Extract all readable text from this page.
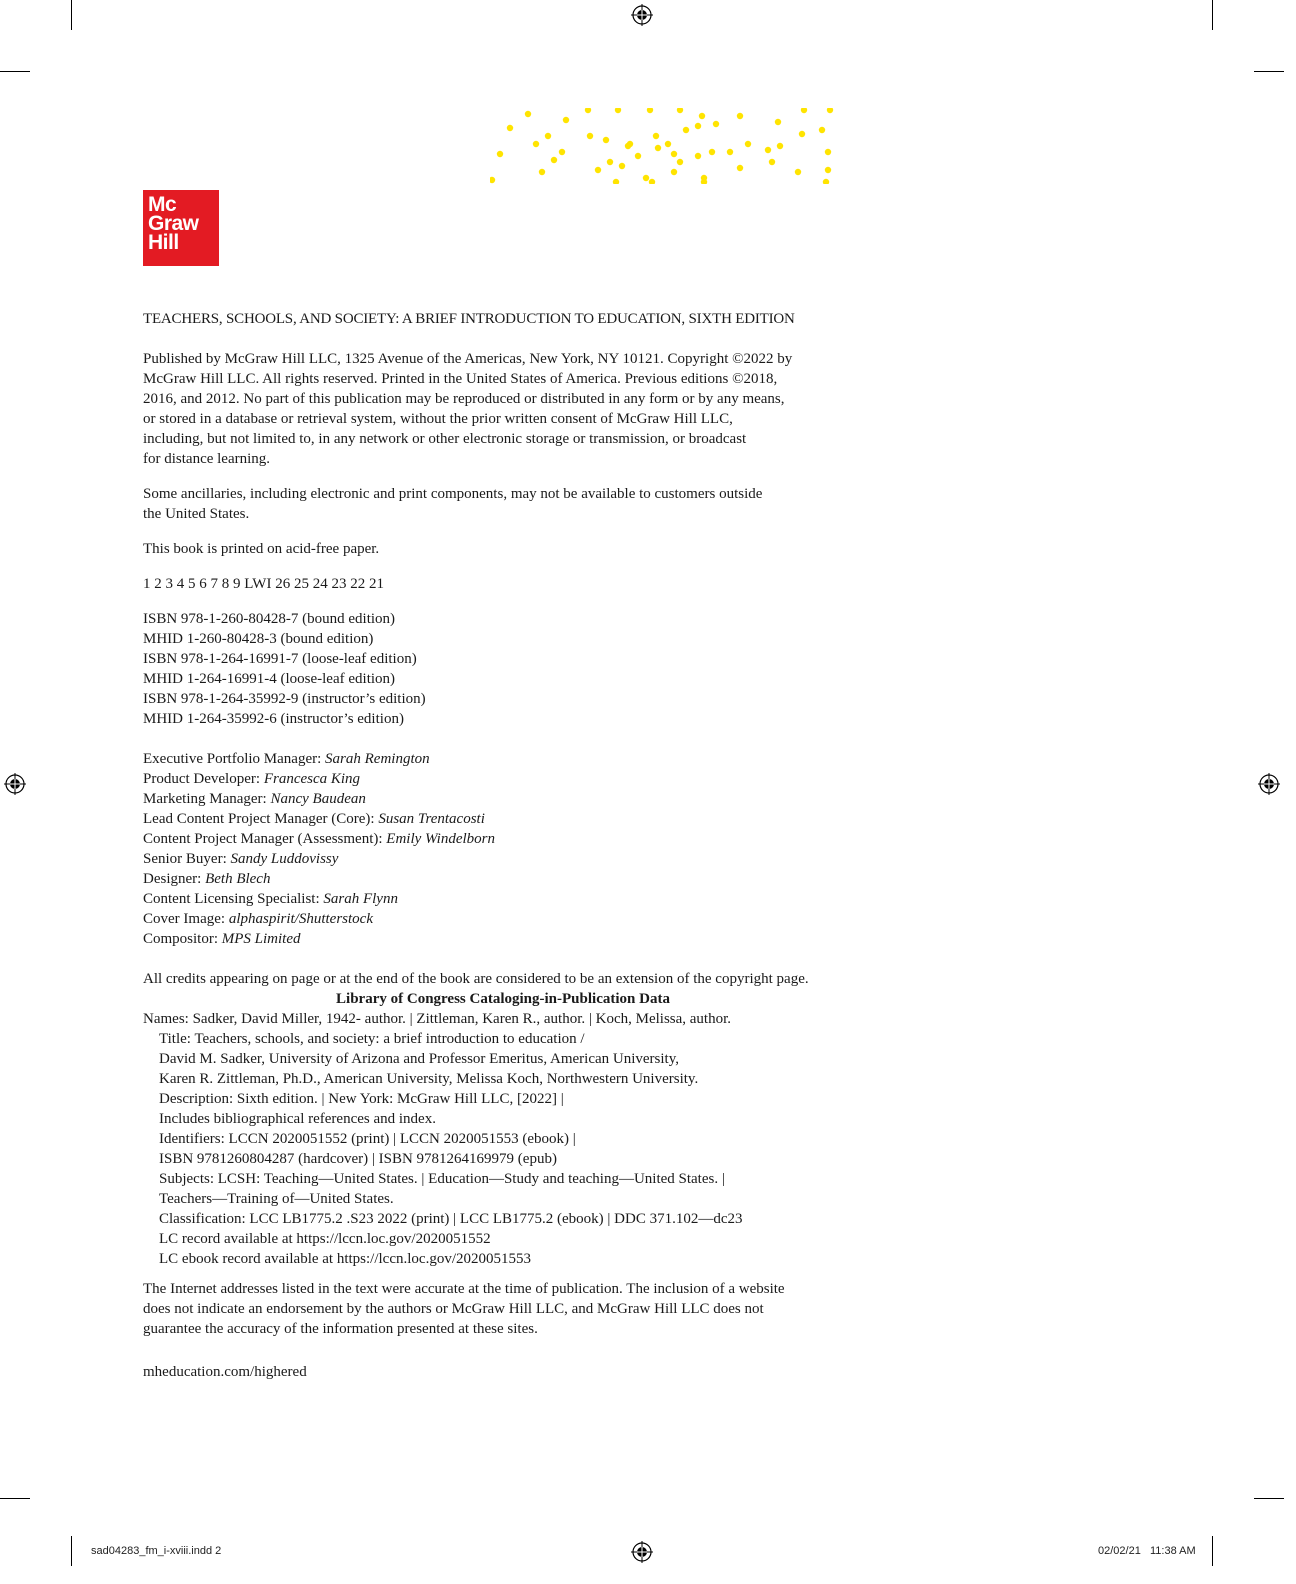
Mc
Graw
Hill

TEACHERS, SCHOOLS, AND SOCIETY: A BRIEF INTRODUCTION TO EDUCATION, SIXTH EDITION

Published by McGraw Hill LLC, 1325 Avenue of the Americas, New York, NY 10121. Copyright ©2022 by
McGraw Hill LLC. All rights reserved. Printed in the United States of America. Previous editions ©2018,
2016, and 2012. No part of this publication may be reproduced or distributed in any form or by any means,
or stored in a database or retrieval system, without the prior written consent of McGraw Hill LLC,
including, but not limited to, in any network or other electronic storage or transmission, or broadcast
for distance learning.

Some ancillaries, including electronic and print components, may not be available to customers outside
the United States.

This book is printed on acid-free paper.

1 2 3 4 5 6 7 8 9 LWI 26 25 24 23 22 21

ISBN 978-1-260-80428-7 (bound edition)
MHID 1-260-80428-3 (bound edition)
ISBN 978-1-264-16991-7 (loose-leaf edition)
MHID 1-264-16991-4 (loose-leaf edition)
ISBN 978-1-264-35992-9 (instructor’s edition)
MHID 1-264-35992-6 (instructor’s edition)
Executive Portfolio Manager: Sarah Remington
Product Developer: Francesca King
Marketing Manager: Nancy Baudean
Lead Content Project Manager (Core): Susan Trentacosti
Content Project Manager (Assessment): Emily Windelborn
Senior Buyer: Sandy Luddovissy
Designer: Beth Blech
Content Licensing Specialist: Sarah Flynn
Cover Image: alphaspirit/Shutterstock
Compositor: MPS Limited

All credits appearing on page or at the end of the book are considered to be an extension of the copyright page.

Library of Congress Cataloging-in-Publication Data

Names: Sadker, David Miller, 1942- author. | Zittleman, Karen R., author. | Koch, Melissa, author.
Title: Teachers, schools, and society: a brief introduction to education /
David M. Sadker, University of Arizona and Professor Emeritus, American University,
Karen R. Zittleman, Ph.D., American University, Melissa Koch, Northwestern University.
Description: Sixth edition. | New York: McGraw Hill LLC, [2022] |
Includes bibliographical references and index.
Identifiers: LCCN 2020051552 (print) | LCCN 2020051553 (ebook) |
ISBN 9781260804287 (hardcover) | ISBN 9781264169979 (epub)
Subjects: LCSH: Teaching—United States. | Education—Study and teaching—United States. |
Teachers—Training of—United States.
Classification: LCC LB1775.2 .S23 2022 (print) | LCC LB1775.2 (ebook) | DDC 371.102—dc23
LC record available at https://lccn.loc.gov/2020051552
LC ebook record available at https://lccn.loc.gov/2020051553

The Internet addresses listed in the text were accurate at the time of publication. The inclusion of a website
does not indicate an endorsement by the authors or McGraw Hill LLC, and McGraw Hill LLC does not
guarantee the accuracy of the information presented at these sites.

mheducation.com/highered

sad04283_fm_i-xviii.indd 2	02/02/21 11:38 AM
